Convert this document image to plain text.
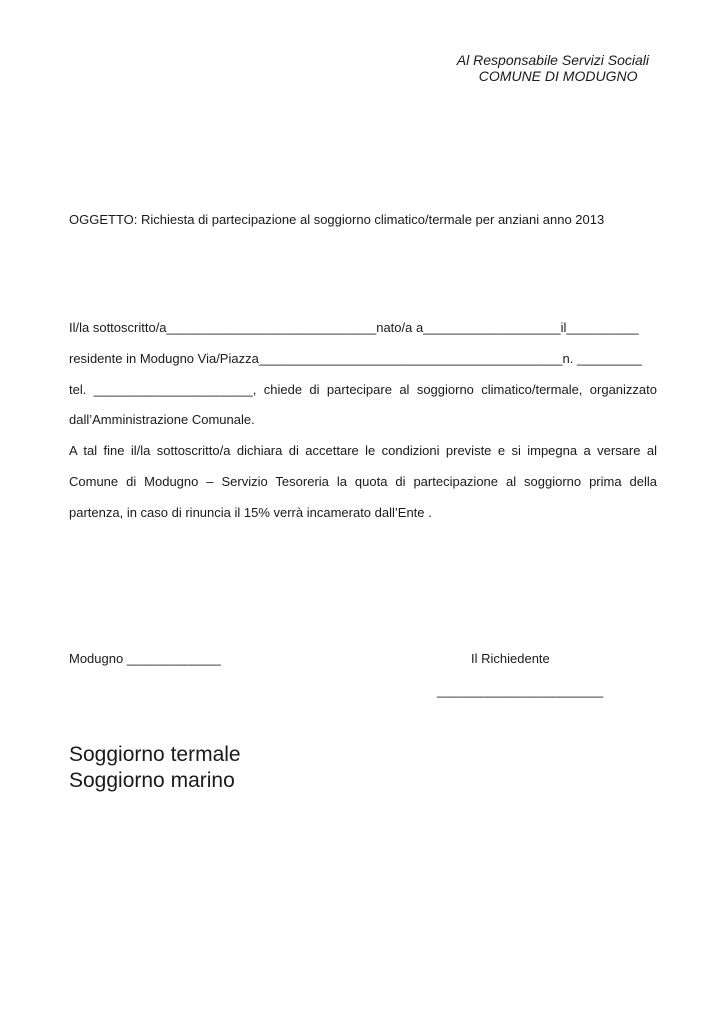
Al Responsabile Servizi Sociali
COMUNE DI MODUGNO
OGGETTO: Richiesta di partecipazione al soggiorno climatico/termale per anziani anno 2013
Il/la sottoscritto/a_____________________________nato/a a___________________il__________
residente in Modugno Via/Piazza__________________________________________n. _________
tel. ______________________, chiede di partecipare al soggiorno climatico/termale, organizzato
dall’Amministrazione Comunale.
A tal fine il/la sottoscritto/a dichiara di accettare le condizioni previste e si impegna a versare al
Comune di Modugno – Servizio Tesoreria la quota di partecipazione al soggiorno prima della
partenza, in caso di rinuncia il 15% verrà incamerato dall’Ente .
Modugno _____________	Il Richiedente
_______________________
Soggiorno termale
Soggiorno marino
